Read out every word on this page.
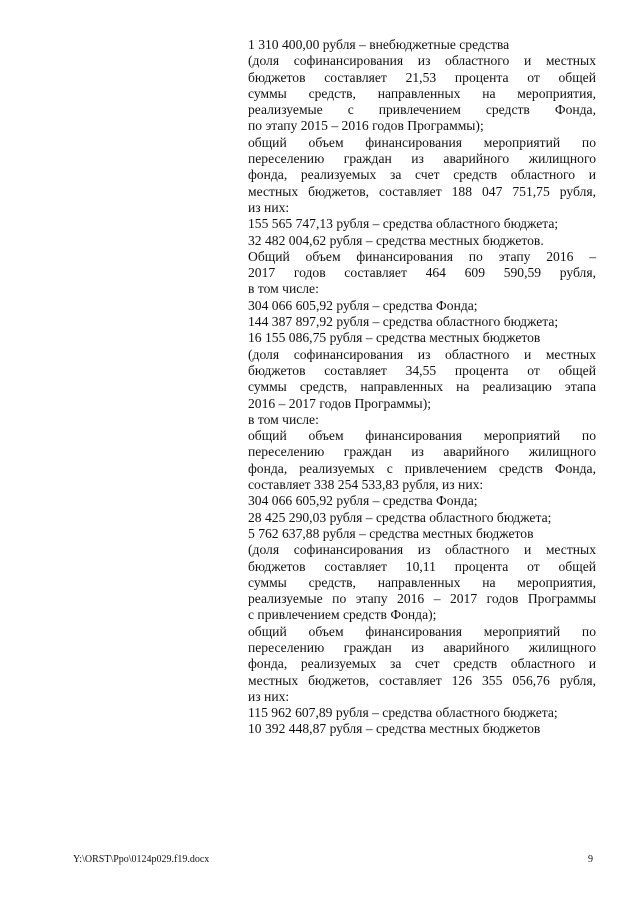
1 310 400,00 рубля – внебюджетные средства
(доля софинансирования из областного и местных
бюджетов составляет 21,53 процента от общей
суммы средств, направленных на мероприятия,
реализуемые с привлечением средств Фонда,
по этапу 2015 – 2016 годов Программы);
общий объем финансирования мероприятий по
переселению граждан из аварийного жилищного
фонда, реализуемых за счет средств областного и
местных бюджетов, составляет 188 047 751,75 рубля,
из них:
155 565 747,13 рубля – средства областного бюджета;
32 482 004,62 рубля – средства местных бюджетов.
Общий объем финансирования по этапу 2016 –
2017 годов составляет 464 609 590,59 рубля,
в том числе:
304 066 605,92 рубля – средства Фонда;
144 387 897,92 рубля – средства областного бюджета;
16 155 086,75 рубля – средства местных бюджетов
(доля софинансирования из областного и местных
бюджетов составляет 34,55 процента от общей
суммы средств, направленных на реализацию этапа
2016 – 2017 годов Программы);
в том числе:
общий объем финансирования мероприятий по
переселению граждан из аварийного жилищного
фонда, реализуемых с привлечением средств Фонда,
составляет 338 254 533,83 рубля, из них:
304 066 605,92 рубля – средства Фонда;
28 425 290,03 рубля – средства областного бюджета;
5 762 637,88 рубля – средства местных бюджетов
(доля софинансирования из областного и местных
бюджетов составляет 10,11 процента от общей
суммы средств, направленных на мероприятия,
реализуемые по этапу 2016 – 2017 годов Программы
с привлечением средств Фонда);
общий объем финансирования мероприятий по
переселению граждан из аварийного жилищного
фонда, реализуемых за счет средств областного и
местных бюджетов, составляет 126 355 056,76 рубля,
из них:
115 962 607,89 рубля – средства областного бюджета;
10 392 448,87 рубля – средства местных бюджетов
Y:\ORST\Ppo\0124p029.f19.docx	9
